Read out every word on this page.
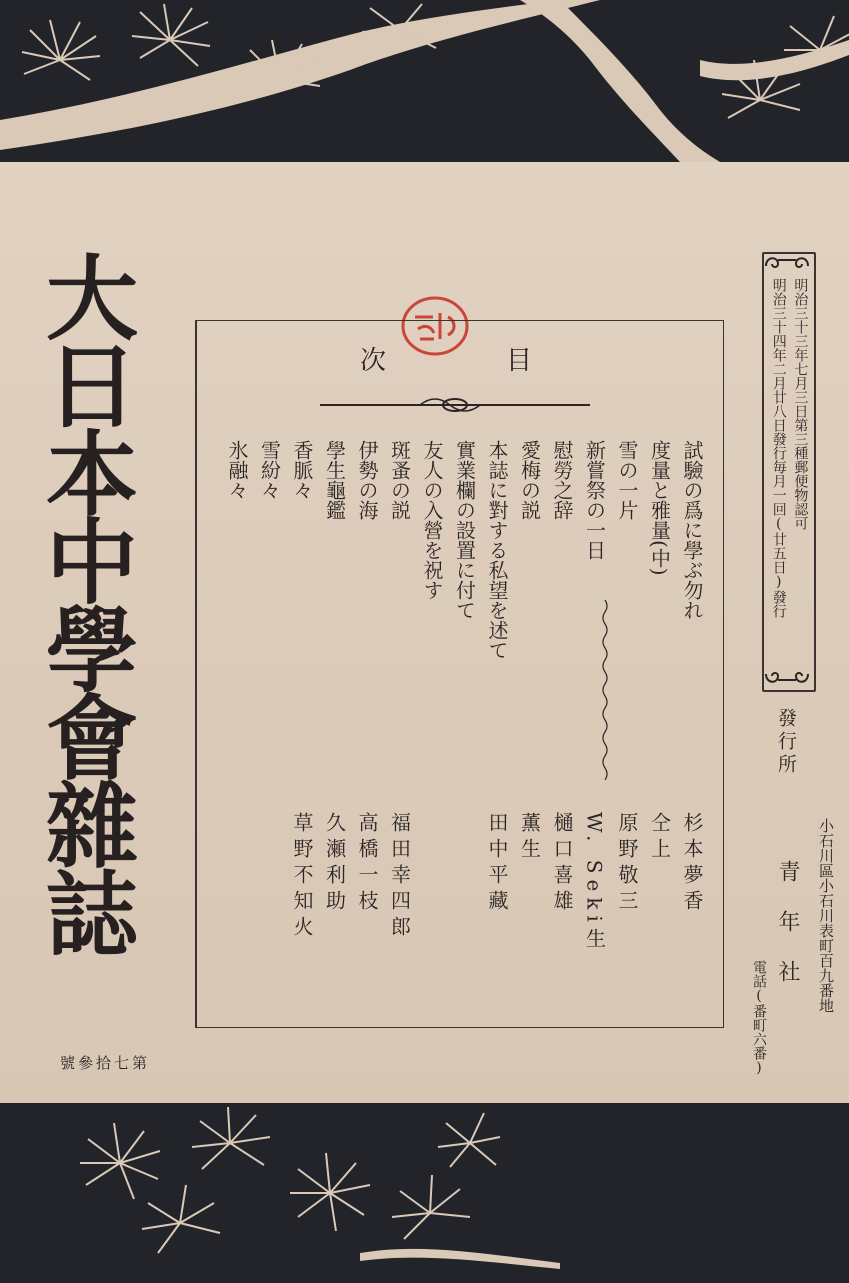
大日本中學會雜誌
第七拾參號
目次
試驗の爲に學ぶ勿れ
杉本夢香
度量と雅量(中)
仝上
雪の一片
原野敬三
新嘗祭の一日
W. Seki生
慰勞之辞
樋口喜雄
愛梅の説
薫生
本誌に對する私望を述て
田中平藏
實業欄の設置に付て
友人の入營を祝す
斑蚤の説
福田幸四郎
伊勢の海
高橋一枝
學生龜鑑
久瀬利助
香脈々
草野不知火
雪紛々
氷融々	明治三十三年七月三日第三種郵便物認可
明治三十四年二月廿八日發行毎月一回(廿五日)發行
發行所
青年社 小石川區小石川表町百九番地
電話(番町六番)
